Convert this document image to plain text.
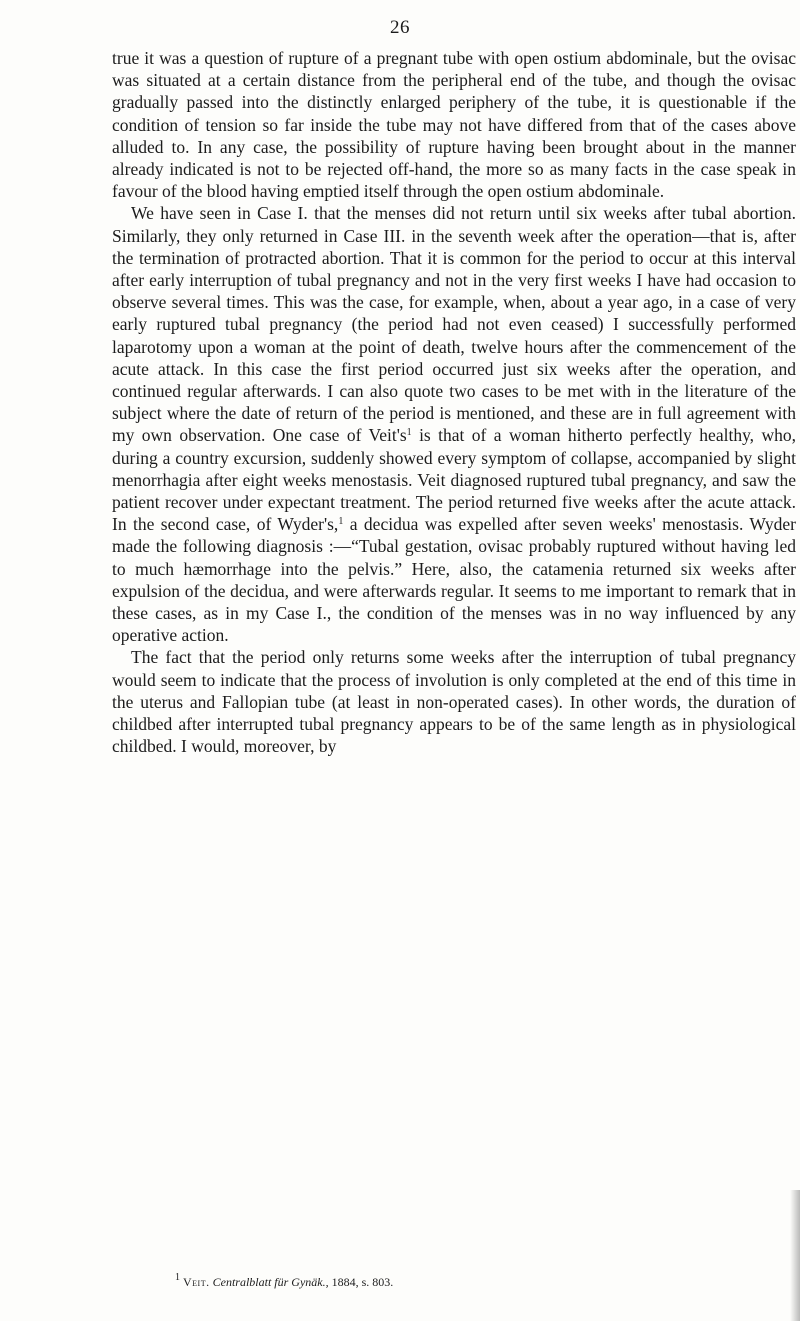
26

true it was a question of rupture of a pregnant tube with open ostium abdominale, but the ovisac was situated at a certain distance from the peripheral end of the tube, and though the ovisac gradually passed into the distinctly enlarged periphery of the tube, it is questionable if the condition of tension so far inside the tube may not have differed from that of the cases above alluded to. In any case, the possibility of rupture having been brought about in the manner already indicated is not to be rejected off-hand, the more so as many facts in the case speak in favour of the blood having emptied itself through the open ostium abdominale.

We have seen in Case I. that the menses did not return until six weeks after tubal abortion. Similarly, they only returned in Case III. in the seventh week after the operation—that is, after the termination of protracted abortion. That it is common for the period to occur at this interval after early interruption of tubal pregnancy and not in the very first weeks I have had occasion to observe several times. This was the case, for example, when, about a year ago, in a case of very early ruptured tubal pregnancy (the period had not even ceased) I successfully performed laparotomy upon a woman at the point of death, twelve hours after the commencement of the acute attack. In this case the first period occurred just six weeks after the operation, and continued regular afterwards. I can also quote two cases to be met with in the literature of the subject where the date of return of the period is mentioned, and these are in full agreement with my own observation. One case of $Veit's^1$ is that of a woman hitherto perfectly healthy, who, during a country excursion, suddenly showed every symptom of collapse, accompanied by slight menorrhagia after eight weeks menostasis. Veit diagnosed ruptured tubal pregnancy, and saw the patient recover under expectant treatment. The period returned five weeks after the acute attack. In the second case, of Wyder's,$^1$ a decidua was expelled after seven weeks' menostasis. Wyder made the following diagnosis :—“Tubal gestation, ovisac probably ruptured without having led to much hæmorrhage into the pelvis.” Here, also, the catamenia returned six weeks after expulsion of the decidua, and were afterwards regular. It seems to me important to remark that in these cases, as in my Case I., the condition of the menses was in no way influenced by any operative action.

The fact that the period only returns some weeks after the interruption of tubal pregnancy would seem to indicate that the process of involution is only completed at the end of this time in the uterus and Fallopian tube (at least in non-operated cases). In other words, the duration of childbed after interrupted tubal pregnancy appears to be of the same length as in physiological childbed. I would, moreover, by

$^1$ Veit. Centralblatt für Gynäk., 1884, s. 803.
